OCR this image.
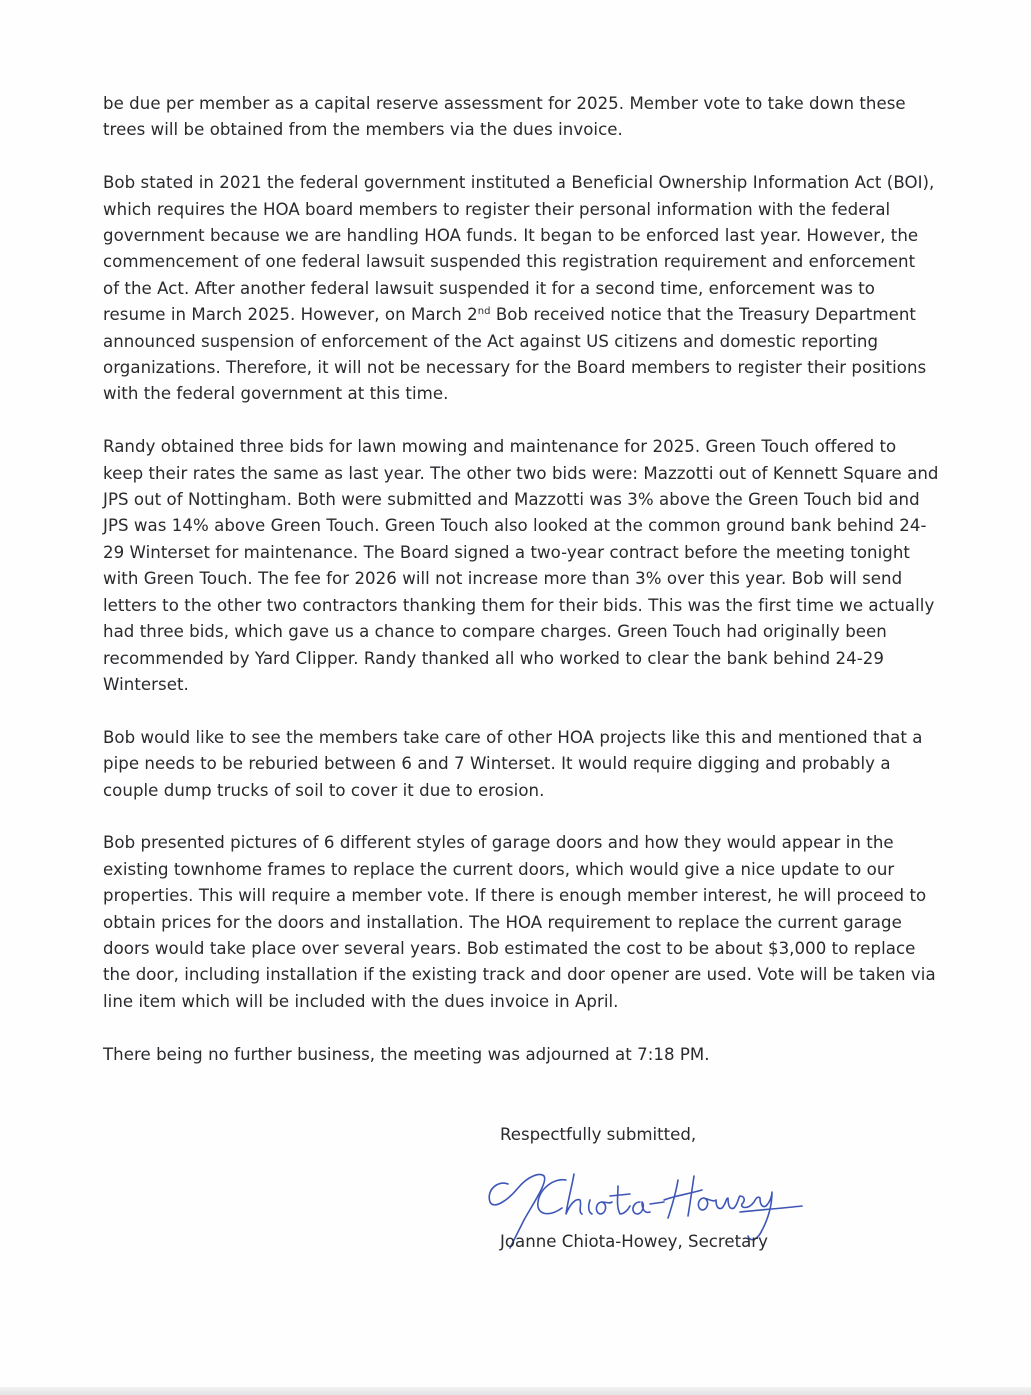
be due per member as a capital reserve assessment for 2025. Member vote to take down these
trees will be obtained from the members via the dues invoice.

Bob stated in 2021 the federal government instituted a Beneficial Ownership Information Act (BOI),
which requires the HOA board members to register their personal information with the federal
government because we are handling HOA funds. It began to be enforced last year. However, the
commencement of one federal lawsuit suspended this registration requirement and enforcement
of the Act. After another federal lawsuit suspended it for a second time, enforcement was to
resume in March 2025. However, on March 2nd Bob received notice that the Treasury Department
announced suspension of enforcement of the Act against US citizens and domestic reporting
organizations. Therefore, it will not be necessary for the Board members to register their positions
with the federal government at this time.

Randy obtained three bids for lawn mowing and maintenance for 2025. Green Touch offered to
keep their rates the same as last year. The other two bids were: Mazzotti out of Kennett Square and
JPS out of Nottingham. Both were submitted and Mazzotti was 3% above the Green Touch bid and
JPS was 14% above Green Touch. Green Touch also looked at the common ground bank behind 24-
29 Winterset for maintenance. The Board signed a two-year contract before the meeting tonight
with Green Touch. The fee for 2026 will not increase more than 3% over this year. Bob will send
letters to the other two contractors thanking them for their bids. This was the first time we actually
had three bids, which gave us a chance to compare charges. Green Touch had originally been
recommended by Yard Clipper. Randy thanked all who worked to clear the bank behind 24-29
Winterset.

Bob would like to see the members take care of other HOA projects like this and mentioned that a
pipe needs to be reburied between 6 and 7 Winterset. It would require digging and probably a
couple dump trucks of soil to cover it due to erosion.

Bob presented pictures of 6 different styles of garage doors and how they would appear in the
existing townhome frames to replace the current doors, which would give a nice update to our
properties. This will require a member vote. If there is enough member interest, he will proceed to
obtain prices for the doors and installation. The HOA requirement to replace the current garage
doors would take place over several years. Bob estimated the cost to be about $3,000 to replace
the door, including installation if the existing track and door opener are used. Vote will be taken via
line item which will be included with the dues invoice in April.

There being no further business, the meeting was adjourned at 7:18 PM.

Respectfully submitted,
Joanne Chiota-Howey, Secretary
